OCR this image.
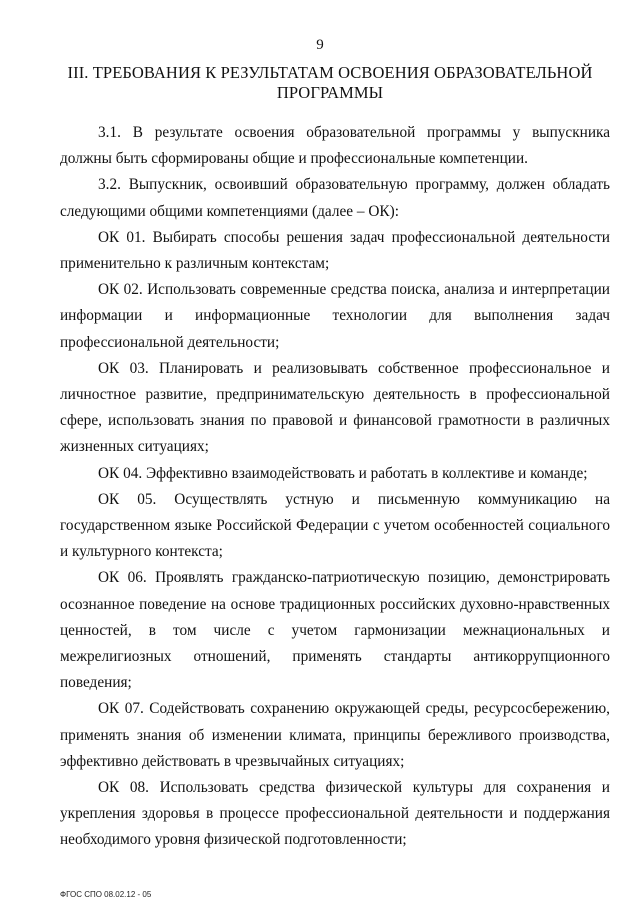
9
III. ТРЕБОВАНИЯ К РЕЗУЛЬТАТАМ ОСВОЕНИЯ ОБРАЗОВАТЕЛЬНОЙ ПРОГРАММЫ

3.1. В результате освоения образовательной программы у выпускника должны быть сформированы общие и профессиональные компетенции.

3.2. Выпускник, освоивший образовательную программу, должен обладать следующими общими компетенциями (далее – ОК):

ОК 01. Выбирать способы решения задач профессиональной деятельности применительно к различным контекстам;

ОК 02. Использовать современные средства поиска, анализа и интерпретации информации и информационные технологии для выполнения задач профессиональной деятельности;

ОК 03. Планировать и реализовывать собственное профессиональное и личностное развитие, предпринимательскую деятельность в профессиональной сфере, использовать знания по правовой и финансовой грамотности в различных жизненных ситуациях;

ОК 04. Эффективно взаимодействовать и работать в коллективе и команде;

ОК 05. Осуществлять устную и письменную коммуникацию на государственном языке Российской Федерации с учетом особенностей социального и культурного контекста;

ОК 06. Проявлять гражданско-патриотическую позицию, демонстрировать осознанное поведение на основе традиционных российских духовно-нравственных ценностей, в том числе с учетом гармонизации межнациональных и межрелигиозных отношений, применять стандарты антикоррупционного поведения;

ОК 07. Содействовать сохранению окружающей среды, ресурсосбережению, применять знания об изменении климата, принципы бережливого производства, эффективно действовать в чрезвычайных ситуациях;

ОК 08. Использовать средства физической культуры для сохранения и укрепления здоровья в процессе профессиональной деятельности и поддержания необходимого уровня физической подготовленности;

ФГОС СПО 08.02.12 - 05
